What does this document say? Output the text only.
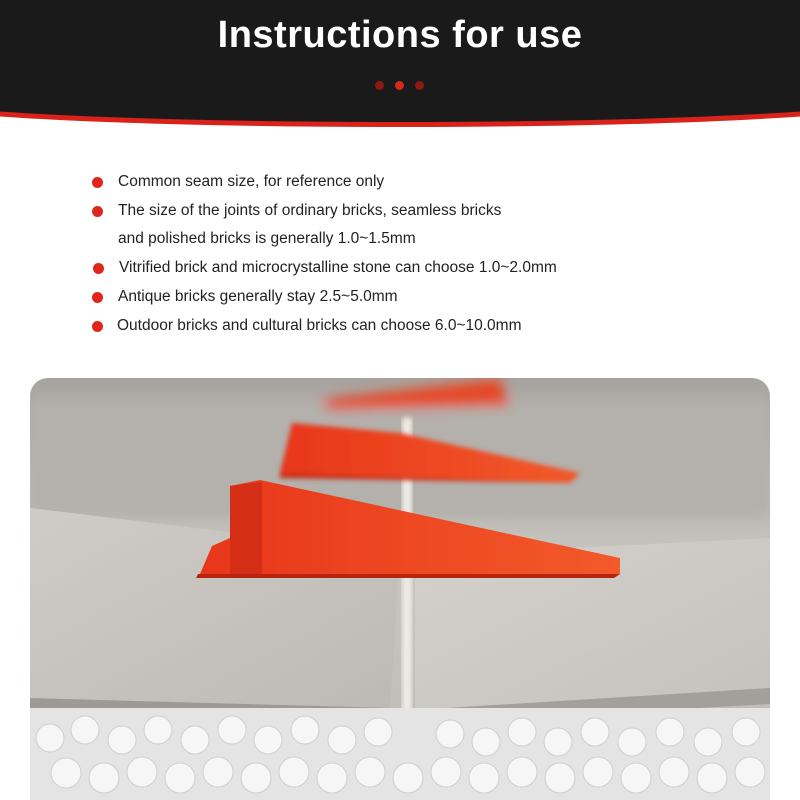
Instructions for use
Common seam size, for reference only
The size of the joints of ordinary bricks, seamless bricks
and polished bricks is generally 1.0~1.5mm
Vitrified brick and microcrystalline stone can choose 1.0~2.0mm
Antique bricks generally stay 2.5~5.0mm
Outdoor bricks and cultural bricks can choose 6.0~10.0mm
